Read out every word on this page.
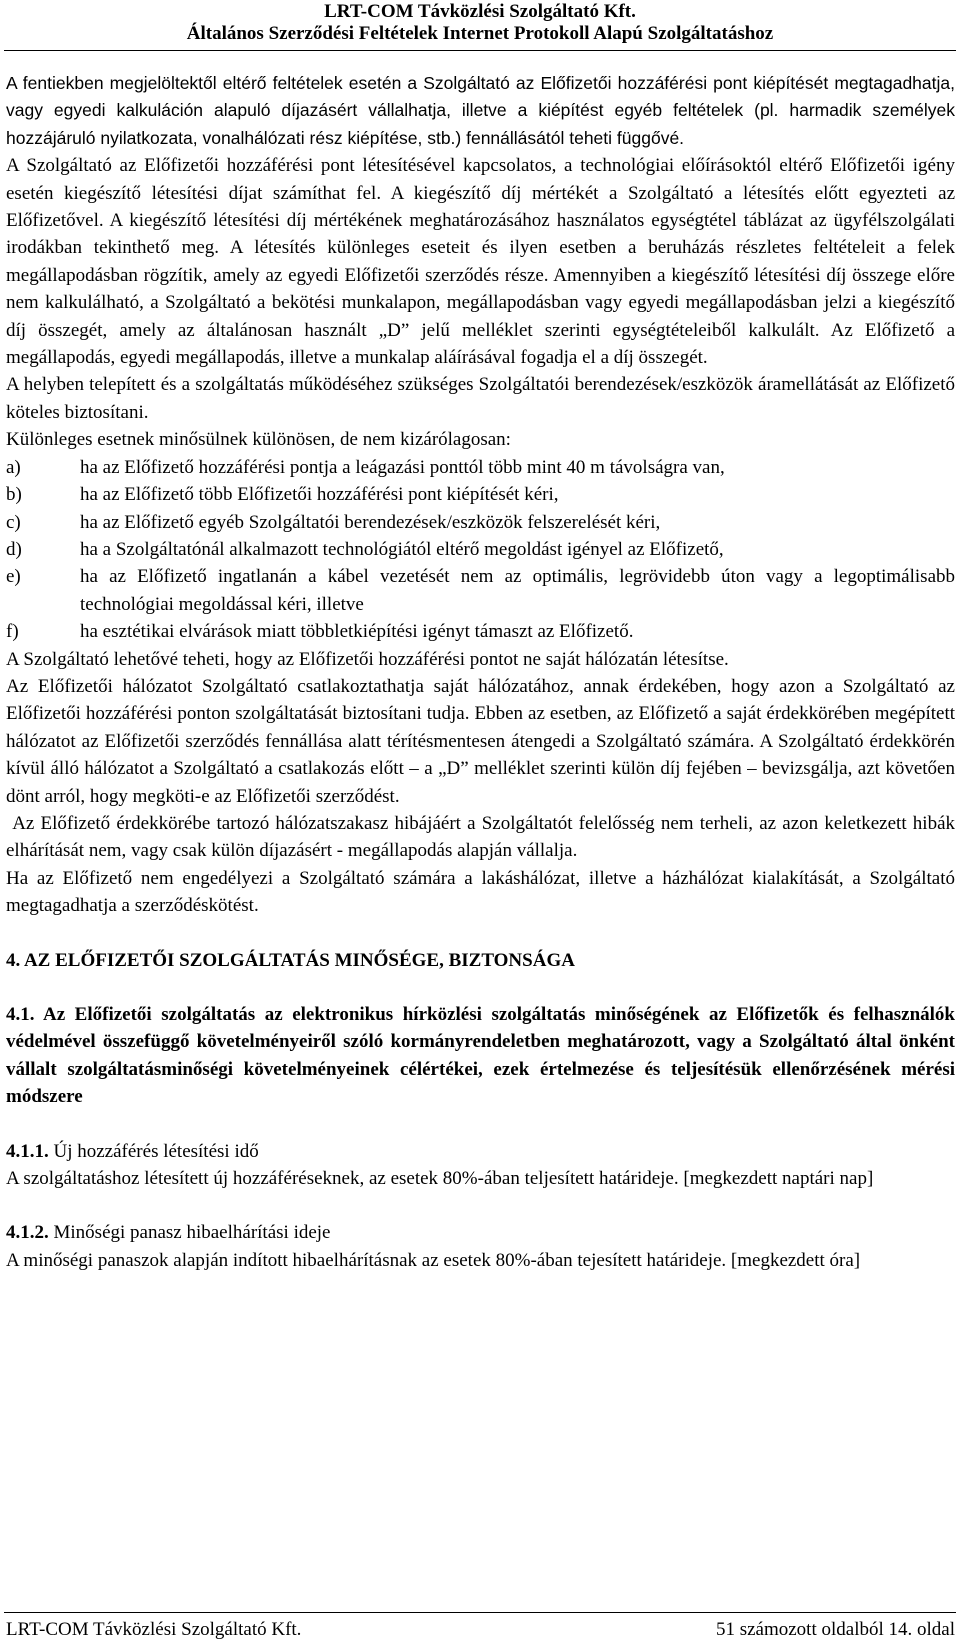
LRT-COM Távközlési Szolgáltató Kft.
Általános Szerződési Feltételek Internet Protokoll Alapú Szolgáltatáshoz

A fentiekben megjelöltektől eltérő feltételek esetén a Szolgáltató az Előfizetői hozzáférési pont kiépítését megtagadhatja, vagy egyedi kalkuláción alapuló díjazásért vállalhatja, illetve a kiépítést egyéb feltételek (pl. harmadik személyek hozzájáruló nyilatkozata, vonalhálózati rész kiépítése, stb.) fennállásától teheti függővé.

A Szolgáltató az Előfizetői hozzáférési pont létesítésével kapcsolatos, a technológiai előírásoktól eltérő Előfizetői igény esetén kiegészítő létesítési díjat számíthat fel. A kiegészítő díj mértékét a Szolgáltató a létesítés előtt egyezteti az Előfizetővel. A kiegészítő létesítési díj mértékének meghatározásához használatos egységtétel táblázat az ügyfélszolgálati irodákban tekinthető meg. A létesítés különleges eseteit és ilyen esetben a beruházás részletes feltételeit a felek megállapodásban rögzítik, amely az egyedi Előfizetői szerződés része. Amennyiben a kiegészítő létesítési díj összege előre nem kalkulálható, a Szolgáltató a bekötési munkalapon, megállapodásban vagy egyedi megállapodásban jelzi a kiegészítő díj összegét, amely az általánosan használt „D” jelű melléklet szerinti egységtételeiből kalkulált. Az Előfizető a megállapodás, egyedi megállapodás, illetve a munkalap aláírásával fogadja el a díj összegét.

A helyben telepített és a szolgáltatás működéséhez szükséges Szolgáltatói berendezések/eszközök áramellátását az Előfizető köteles biztosítani.

Különleges esetnek minősülnek különösen, de nem kizárólagosan:

a)	ha az Előfizető hozzáférési pontja a leágazási ponttól több mint 40 m távolságra van,
b)	ha az Előfizető több Előfizetői hozzáférési pont kiépítését kéri,
c)	ha az Előfizető egyéb Szolgáltatói berendezések/eszközök felszerelését kéri,
d)	ha a Szolgáltatónál alkalmazott technológiától eltérő megoldást igényel az Előfizető,
e)	ha az Előfizető ingatlanán a kábel vezetését nem az optimális, legrövidebb úton vagy a legoptimálisabb technológiai megoldással kéri, illetve
f)	ha esztétikai elvárások miatt többletkiépítési igényt támaszt az Előfizető.

A Szolgáltató lehetővé teheti, hogy az Előfizetői hozzáférési pontot ne saját hálózatán létesítse.

Az Előfizetői hálózatot Szolgáltató csatlakoztathatja saját hálózatához, annak érdekében, hogy azon a Szolgáltató az Előfizetői hozzáférési ponton szolgáltatását biztosítani tudja. Ebben az esetben, az Előfizető a saját érdekkörében megépített hálózatot az Előfizetői szerződés fennállása alatt térítésmentesen átengedi a Szolgáltató számára. A Szolgáltató érdekkörén kívül álló hálózatot a Szolgáltató a csatlakozás előtt – a „D” melléklet szerinti külön díj fejében – bevizsgálja, azt követően dönt arról, hogy megköti-e az Előfizetői szerződést.

Az Előfizető érdekkörébe tartozó hálózatszakasz hibájáért a Szolgáltatót felelősség nem terheli, az azon keletkezett hibák elhárítását nem, vagy csak külön díjazásért - megállapodás alapján vállalja.

Ha az Előfizető nem engedélyezi a Szolgáltató számára a lakáshálózat, illetve a házhálózat kialakítását, a Szolgáltató megtagadhatja a szerződéskötést.

4. AZ ELŐFIZETŐI SZOLGÁLTATÁS MINŐSÉGE, BIZTONSÁGA

4.1. Az Előfizetői szolgáltatás az elektronikus hírközlési szolgáltatás minőségének az Előfizetők és felhasználók védelmével összefüggő követelményeiről szóló kormányrendeletben meghatározott, vagy a Szolgáltató által önként vállalt szolgáltatásminőségi követelményeinek célértékei, ezek értelmezése és teljesítésük ellenőrzésének mérési módszere

4.1.1. Új hozzáférés létesítési idő

A szolgáltatáshoz létesített új hozzáféréseknek, az esetek 80%-ában teljesített határideje. [megkezdett naptári nap]

4.1.2. Minőségi panasz hibaelhárítási ideje

A minőségi panaszok alapján indított hibaelhárításnak az esetek 80%-ában tejesített határideje. [megkezdett óra]

LRT-COM Távközlési Szolgáltató Kft.	51 számozott oldalból 14. oldal
